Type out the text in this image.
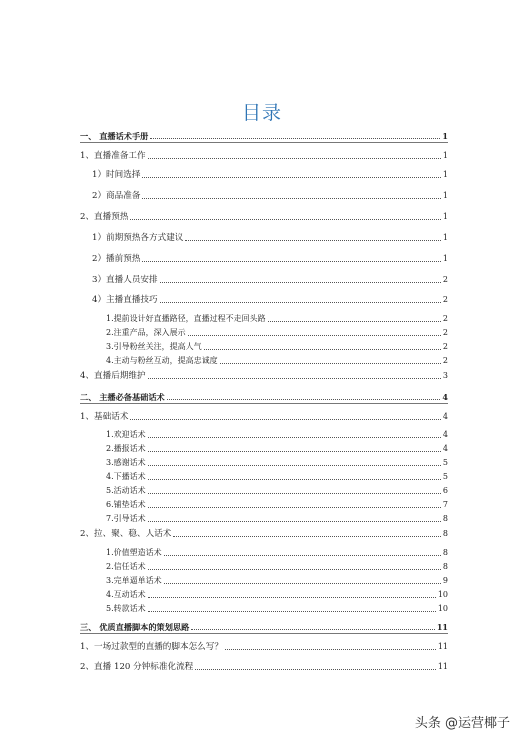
目录
一、 直播话术手册	1
1、直播准备工作	1
1）时间选择	1
2）商品准备	1
2、直播预热	1
1）前期预热各方式建议	1
2）播前预热	1
3）直播人员安排	2
4）主播直播技巧	2
1.提前设计好直播路径，直播过程不走回头路	2
2.注重产品，深入展示	2
3.引导粉丝关注，提高人气	2
4.主动与粉丝互动，提高忠诚度	2
4、直播后期维护	3
二、 主播必备基础话术	4
1、基础话术	4
1.欢迎话术	4
2.播报话术	4
3.感谢话术	5
4.下播话术	5
5.活动话术	6
6.铺垫话术	7
7.引导话术	8
2、拉、聚、稳、人话术	8
1.价值塑造话术	8
2.信任话术	8
3.完单逼单话术	9
4.互动话术	10
5.转款话术	10
三、 优质直播脚本的策划思路	11
1、一场过款型的直播的脚本怎么写？	11
2、直播 120 分钟标准化流程	11
头条 @运营椰子
